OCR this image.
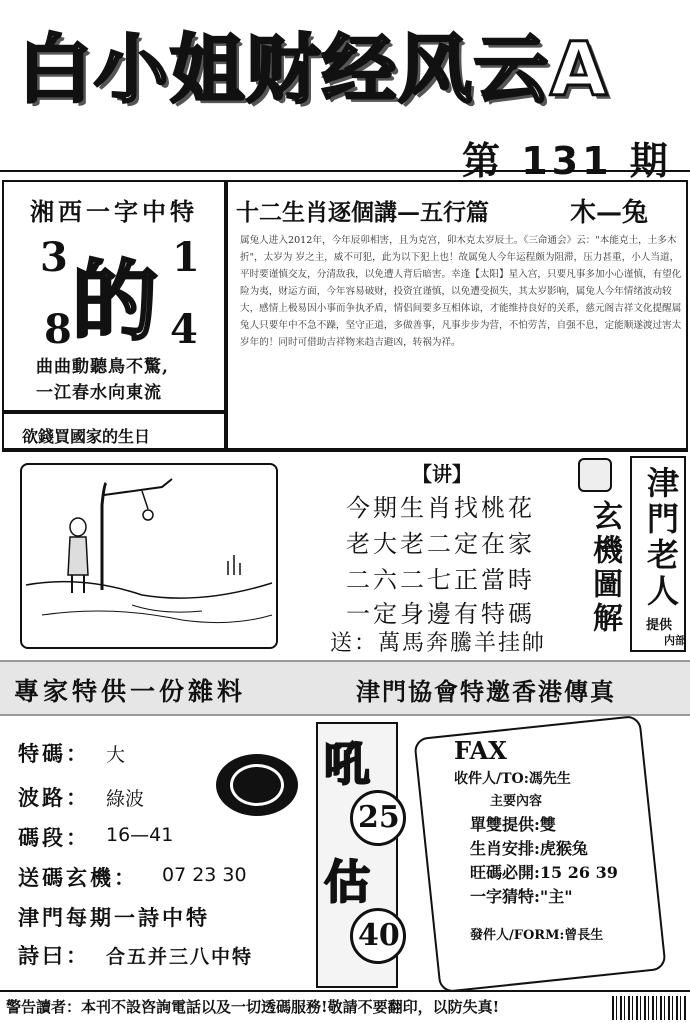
白小姐财经风云A
第 131 期
湘西一字中特
3	1
8 4
的
曲曲動聽鳥不驚,
一江春水向東流
欲錢買國家的生日
十二生肖逐個講—五行篇	木—兔
属兔人进入2012年，今年辰卯相害，且为克宫，卯木克太岁辰土。《三命通会》云："本能克土，土多木折"，太岁为 岁之主，威不可犯，此为以下犯上也！故属兔人今年运程颇为阻滞，压力甚重，小人当道，平时要谨慎交友，分清敌我，以免遭人背后暗害。幸逢【太阳】星入宫，只要凡事多加小心谨慎，有望化险为夷，财运方面，今年容易破财，投资宜谨慎，以免遭受损失，其太岁影响，属兔人今年情绪波动较大，感情上极易因小事而争执矛盾，情侣间要多互相体谅，才能维持良好的关系，慈元阁吉祥文化提醒属兔人只要年中不急不躁，坚守正道，多做善事，凡事步步为营，不怕劳苦，自强不息，定能顺遂渡过害太岁年的！同时可借助吉祥物来趋吉避凶，转祸为祥。
【讲】
今期生肖找桃花
老大老二定在家
二六二七正當時
一定身邊有特碼
送：萬馬奔騰羊挂帥
玄機圖解 津門老人
提供
内部
專家特供一份雜料	津門協會特邀香港傳真
特碼： 大
波路： 綠波
碼段： 16—41
送碼玄機： 07 23 30
津門每期一詩中特
詩曰： 合五并三八中特
吼
25
估
40
FAX
收件人/TO:馮先生
主要內容
單雙提供:雙
生肖安排:虎猴兔
旺碼必開:15 26 39
一字猜特:"主"
發件人/FORM:曾長生
警告讀者：本刊不設咨詢電話以及一切透碼服務!敬請不要翻印，以防失真!
